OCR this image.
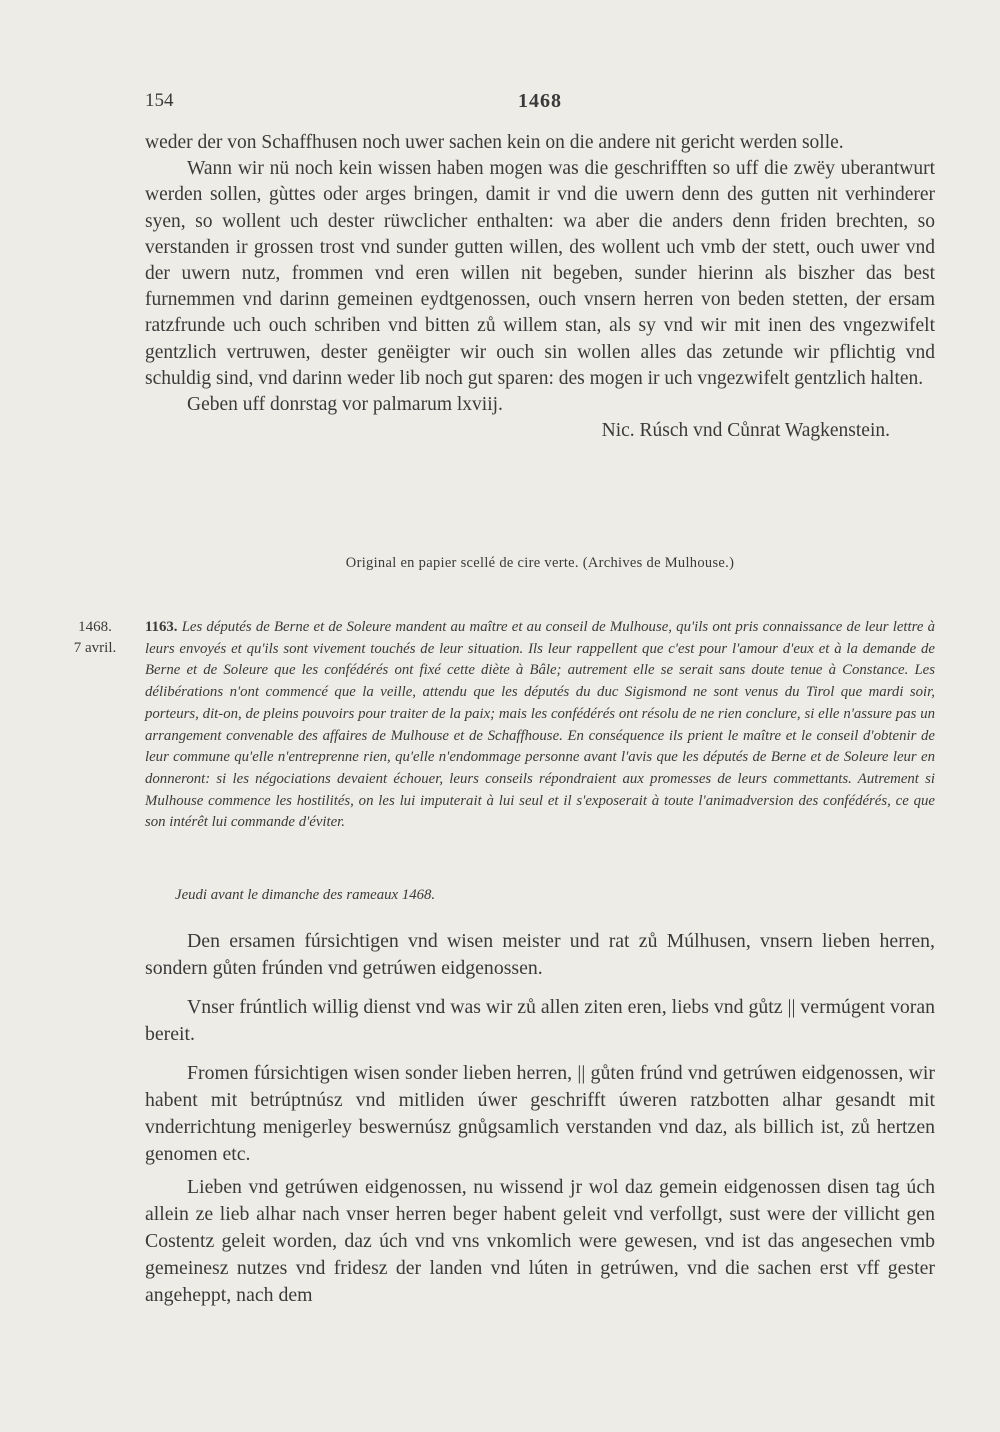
154	1468

weder der von Schaffhusen noch uwer sachen kein on die andere nit gericht werden solle.

Wann wir nü noch kein wissen haben mogen was die geschrifften so uff die zwëy uberantwurt werden sollen, gùttes oder arges bringen, damit ir vnd die uwern denn des gutten nit verhinderer syen, so wollent uch dester rüwclicher enthalten: wa aber die anders denn friden brechten, so verstanden ir grossen trost vnd sunder gutten willen, des wollent uch vmb der stett, ouch uwer vnd der uwern nutz, frommen vnd eren willen nit begeben, sunder hierinn als biszher das best furnemmen vnd darinn gemeinen eydtgenossen, ouch vnsern herren von beden stetten, der ersam ratzfrunde uch ouch schriben vnd bitten zů willem stan, als sy vnd wir mit inen des vngezwifelt gentzlich vertruwen, dester genëigter wir ouch sin wollen alles das zetunde wir pflichtig vnd schuldig sind, vnd darinn weder lib noch gut sparen: des mogen ir uch vngezwifelt gentzlich halten.

Geben uff donrstag vor palmarum lxviij.

Nic. Rúsch vnd Cůnrat Wagkenstein.

Original en papier scellé de cire verte. (Archives de Mulhouse.)
1468.
7 avril.
1163. Les députés de Berne et de Soleure mandent au maître et au conseil de Mulhouse, qu'ils ont pris connaissance de leur lettre à leurs envoyés et qu'ils sont vivement touchés de leur situation. Ils leur rappellent que c'est pour l'amour d'eux et à la demande de Berne et de Soleure que les confédérés ont fixé cette diète à Bâle; autrement elle se serait sans doute tenue à Constance. Les délibérations n'ont commencé que la veille, attendu que les députés du duc Sigismond ne sont venus du Tirol que mardi soir, porteurs, dit-on, de pleins pouvoirs pour traiter de la paix; mais les confédérés ont résolu de ne rien conclure, si elle n'assure pas un arrangement convenable des affaires de Mulhouse et de Schaffhouse. En conséquence ils prient le maître et le conseil d'obtenir de leur commune qu'elle n'entreprenne rien, qu'elle n'endommage personne avant l'avis que les députés de Berne et de Soleure leur en donneront: si les négociations devaient échouer, leurs conseils répondraient aux promesses de leurs commettants. Autrement si Mulhouse commence les hostilités, on les lui imputerait à lui seul et il s'exposerait à toute l'animadversion des confédérés, ce que son intérêt lui commande d'éviter.
Jeudi avant le dimanche des rameaux 1468.

Den ersamen fúrsichtigen vnd wisen meister und rat zů Múlhusen, vnsern lieben herren, sondern gůten frúnden vnd getrúwen eidgenossen.

Vnser frúntlich willig dienst vnd was wir zů allen ziten eren, liebs vnd gůtz || vermúgent voran bereit.

Fromen fúrsichtigen wisen sonder lieben herren, || gůten frúnd vnd getrúwen eidgenossen, wir habent mit betrúptnúsz vnd mitliden úwer geschrifft úweren ratzbotten alhar gesandt mit vnderrichtung menigerley beswernúsz gnůgsamlich verstanden vnd daz, als billich ist, zů hertzen genomen etc.

Lieben vnd getrúwen eidgenossen, nu wissend jr wol daz gemein eidgenossen disen tag úch allein ze lieb alhar nach vnser herren beger habent geleit vnd verfollgt, sust were der villicht gen Costentz geleit worden, daz úch vnd vns vnkomlich were gewesen, vnd ist das angesechen vmb gemeinesz nutzes vnd fridesz der landen vnd lúten in getrúwen, vnd die sachen erst vff gester angeheppt, nach dem
